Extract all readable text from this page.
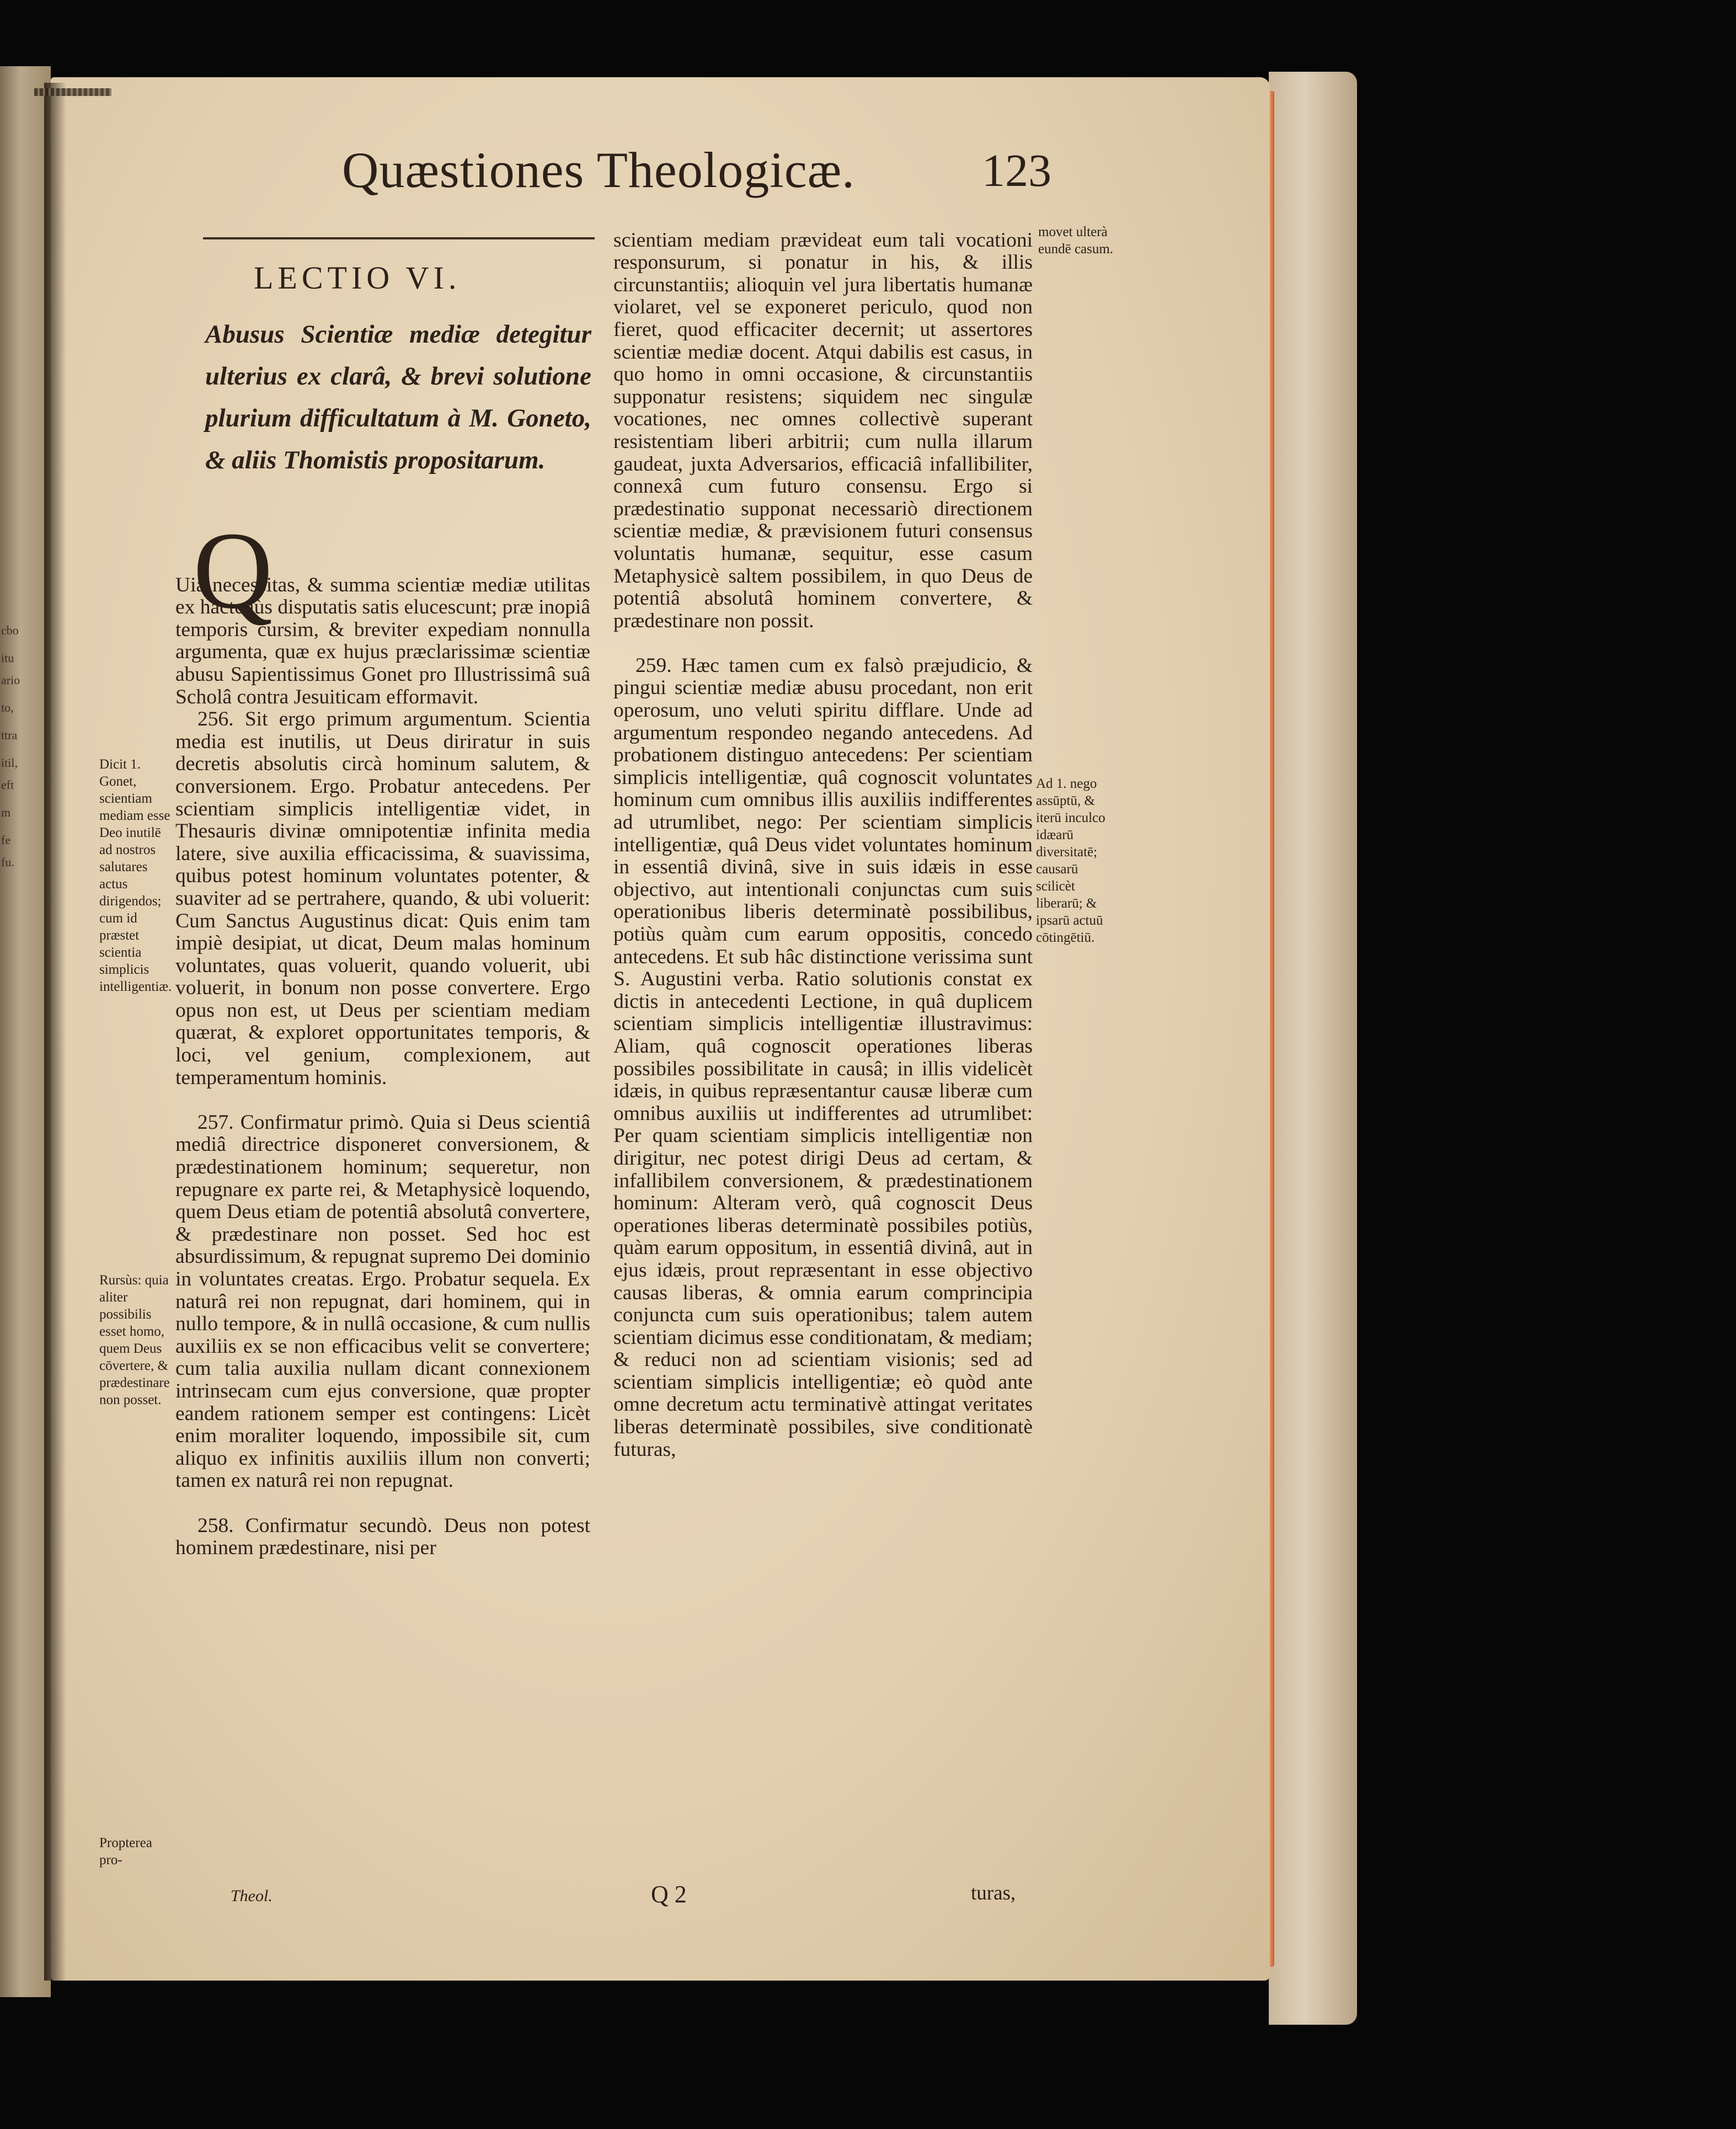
cbo
itu
ario
to,
ttra
itil,
eft
m
fe
fu.
Quæstiones Theologicæ.	123
LECTIO VI.

Abusus Scientiæ mediæ detegitur ulterius ex clarâ, & brevi solutione plurium difficultatum à M. Goneto, & aliis Thomistis propositarum.

Q

Uia necessitas, & summa scientiæ mediæ utilitas ex hactenùs disputatis satis elucescunt; præ inopiâ temporis cursim, & breviter expediam nonnulla argumenta, quæ ex hujus præclarissimæ scientiæ abusu Sapientissimus Gonet pro Illustrissimâ suâ Scholâ contra Jesuiticam efformavit.

256. Sit ergo primum argumentum. Scientia media est inutilis, ut Deus diriгatur in suis decretis absolutis circà hominum salutem, & conversionem. Ergo. Probatur antecedens. Per scientiam simplicis intelligentiæ videt, in Thesauris divinæ omnipotentiæ infinita media latere, sive auxilia efficacissima, & suavissima, quibus potest hominum voluntates potenter, & suaviter ad se pertrahere, quando, & ubi voluerit: Cum Sanctus Augustinus dicat: Quis enim tam impiè desipiat, ut dicat, Deum malas hominum voluntates, quas voluerit, quando voluerit, ubi voluerit, in bonum non posse convertere. Ergo opus non est, ut Deus per scientiam mediam quærat, & exploret opportunitates temporis, & loci, vel genium, complexionem, aut temperamentum hominis.

257. Confirmatur primò. Quia si Deus scientiâ mediâ directrice disponeret conversionem, & prædestinationem hominum; sequeretur, non repugnare ex parte rei, & Metaphysicè loquendo, quem Deus etiam de potentiâ absolutâ convertere, & prædestinare non posset. Sed hoc est absurdissimum, & repugnat supremo Dei dominio in voluntates creatas. Ergo. Probatur sequela. Ex naturâ rei non repugnat, dari hominem, qui in nullo tempore, & in nullâ occasione, & cum nullis auxiliis ex se non efficacibus velit se convertere; cum talia auxilia nullam dicant connexionem intrinsecam cum ejus conversione, quæ propter eandem rationem semper est contingens: Licèt enim moraliter loquendo, impossibile sit, cum aliquo ex infinitis auxiliis illum non converti; tamen ex naturâ rei non repugnat.

258. Confirmatur secundò. Deus non potest hominem prædestinare, nisi per

scientiam mediam prævideat eum tali vocationi responsurum, si ponatur in his, & illis circunstantiis; alioquin vel jura libertatis humanæ violaret, vel se exponeret periculo, quod non fieret, quod efficaciter decernit; ut assertores scientiæ mediæ docent. Atqui dabilis est casus, in quo homo in omni occasione, & circunstantiis supponatur resistens; siquidem nec singulæ vocationes, nec omnes collectivè superant resistentiam liberi arbitrii; cum nulla illarum gaudeat, juxta Adversarios, efficaciâ infallibiliter, connexâ cum futuro consensu. Ergo si prædestinatio supponat necessariò directionem scientiæ mediæ, & prævisionem futuri consensus voluntatis humanæ, sequitur, esse casum Metaphysicè saltem possibilem, in quo Deus de potentiâ absolutâ hominem convertere, & prædestinare non possit.

259. Hæc tamen cum ex falsò præjudicio, & pingui scientiæ mediæ abusu procedant, non erit operosum, uno veluti spiritu difflare. Unde ad argumentum respondeo negando antecedens. Ad probationem distinguo antecedens: Per scientiam simplicis intelligentiæ, quâ cognoscit voluntates hominum cum omnibus illis auxiliis indifferentes ad utrumlibet, nego: Per scientiam simplicis intelligentiæ, quâ Deus videt voluntates hominum in essentiâ divinâ, sive in suis idæis in esse objectivo, aut intentionali conjunctas cum suis operationibus liberis determinatè possibilibus, potiùs quàm cum earum oppositis, concedo antecedens. Et sub hâc distinctione verissima sunt S. Augustini verba. Ratio solutionis constat ex dictis in antecedenti Lectione, in quâ duplicem scientiam simplicis intelligentiæ illustravimus: Aliam, quâ cognoscit operationes liberas possibiles possibilitate in causâ; in illis videlicèt idæis, in quibus repræsentantur causæ liberæ cum omnibus auxiliis ut indifferentes ad utrumlibet: Per quam scientiam simplicis intelligentiæ non dirigitur, nec potest dirigi Deus ad certam, & infallibilem conversionem, & prædestinationem hominum: Alteram verò, quâ cognoscit Deus operationes liberas determinatè possibiles potiùs, quàm earum oppositum, in essentiâ divinâ, aut in ejus idæis, prout repræsentant in esse objectivo causas liberas, & omnia earum comprincipia conjuncta cum suis operationibus; talem autem scientiam dicimus esse conditionatam, & mediam; & reduci non ad scientiam visionis; sed ad scientiam simplicis intelligentiæ; eò quòd ante omne decretum actu terminativè attingat veritates liberas determinatè possibiles, sive conditionatè futuras,

Dicit 1. Gonet, scientiam mediam esse Deo inutilē ad nostros salutares actus dirigendos; cum id præstet scientia simplicis intelligentiæ.
Rursùs: quia aliter possibilis esset homo, quem Deus cōvertere, & prædestinare non posset.
Propterea pro-
movet ulterà eundē casum.
Ad 1. nego assūptū, & iterū inculco idæarū diversitatē; causarū scilicèt liberarū; & ipsarū actuū cōtingētiū.
Theol.	Q 2	turas,
